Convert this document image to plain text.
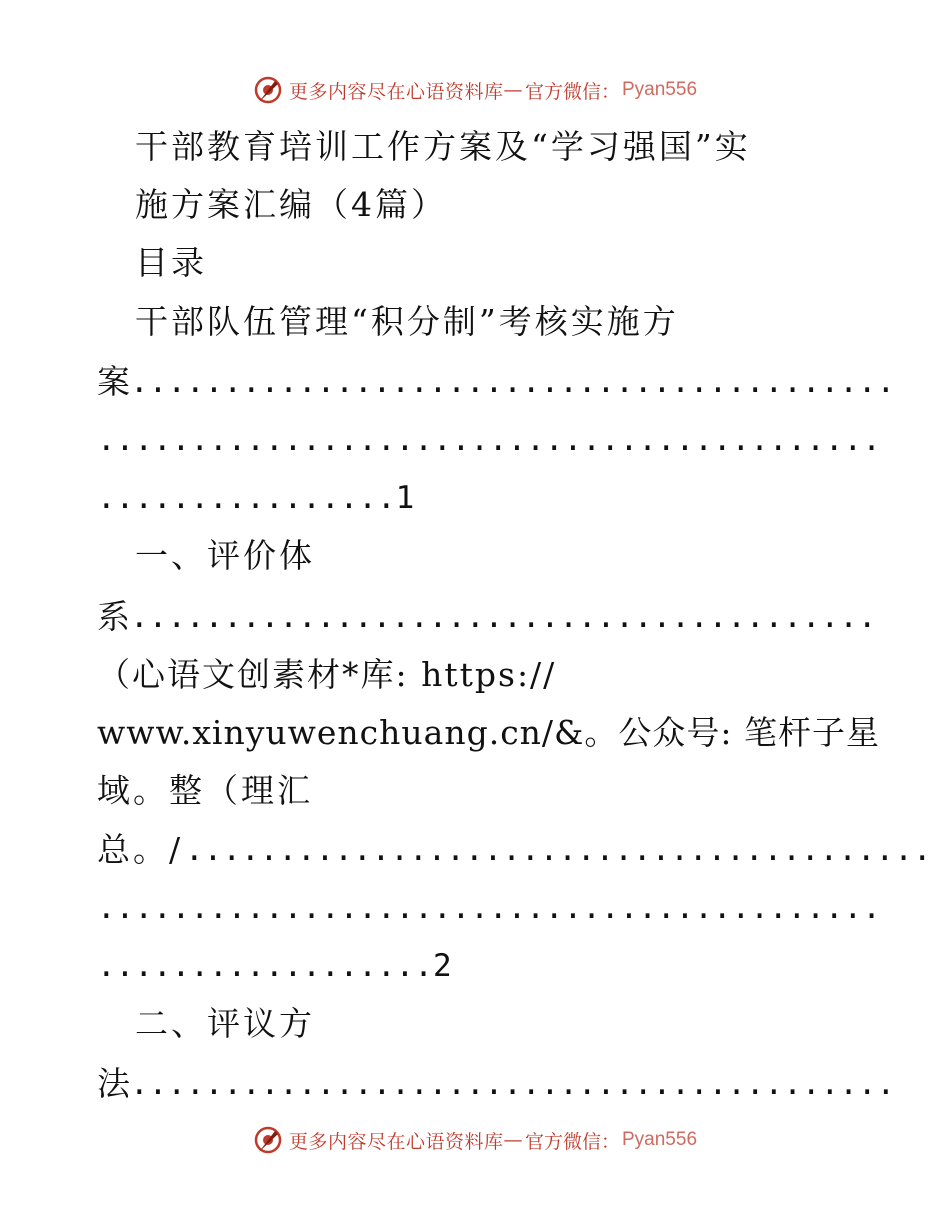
更多内容尽在心语资料库 — 官方微信： Pyan556
干部教育培训工作方案及“学习强国”实
施方案汇编（4篇）
目录
干部队伍管理“积分制”考核实施方
案
.........................................
..........................................
................1
一、评价体
系
........................................
（心语文创素材*库: https://
www.xinyuwenchuang.cn/&。公众号: 笔杆子星
域。整（理汇
总。/ ........................................
..........................................
..................2
二、评议方
法
.........................................
更多内容尽在心语资料库 — 官方微信： Pyan556
